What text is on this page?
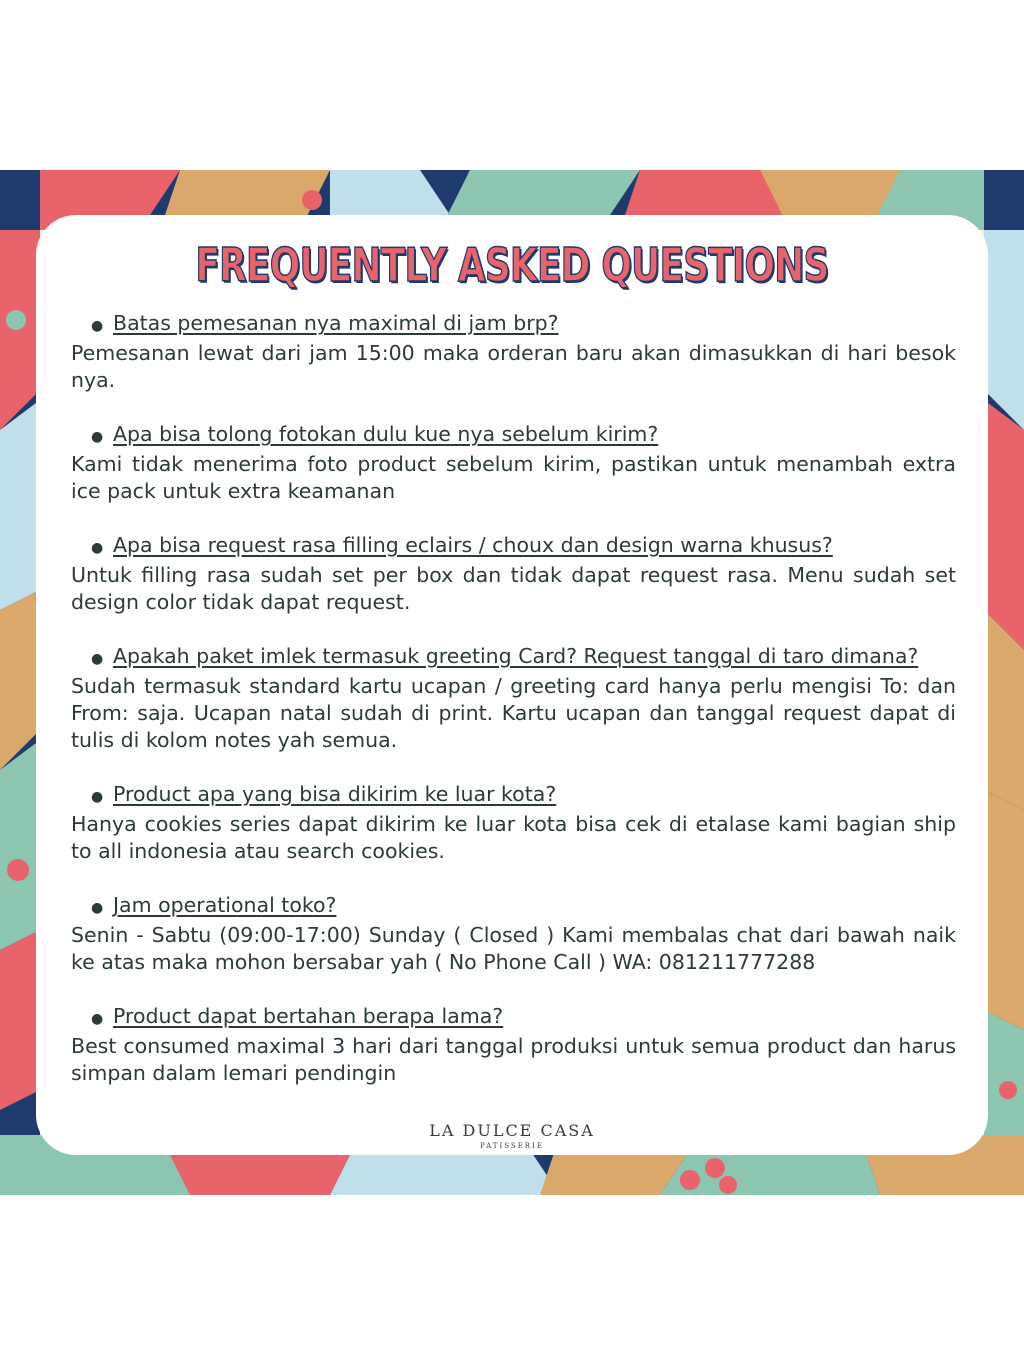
FREQUENTLY ASKED QUESTIONS
● Batas pemesanan nya maximal di jam brp?

Pemesanan lewat dari jam 15:00 maka orderan baru akan dimasukkan di hari besok nya.

● Apa bisa tolong fotokan dulu kue nya sebelum kirim?

Kami tidak menerima foto product sebelum kirim, pastikan untuk menambah extra ice pack untuk extra keamanan

● Apa bisa request rasa filling eclairs / choux dan design warna khusus?

Untuk filling rasa sudah set per box dan tidak dapat request rasa. Menu sudah set design color tidak dapat request.

● Apakah paket imlek termasuk greeting Card? Request tanggal di taro dimana?

Sudah termasuk standard kartu ucapan / greeting card hanya perlu mengisi To: dan From: saja. Ucapan natal sudah di print. Kartu ucapan dan tanggal request dapat di tulis di kolom notes yah semua.

● Product apa yang bisa dikirim ke luar kota?

Hanya cookies series dapat dikirim ke luar kota bisa cek di etalase kami bagian ship to all indonesia atau search cookies.

● Jam operational toko?

Senin - Sabtu (09:00-17:00) Sunday ( Closed ) Kami membalas chat dari bawah naik ke atas maka mohon bersabar yah ( No Phone Call ) WA: 081211777288

● Product dapat bertahan berapa lama?

Best consumed maximal 3 hari dari tanggal produksi untuk semua product dan harus simpan dalam lemari pendingin

LA DULCE CASA
PATISSERIE
